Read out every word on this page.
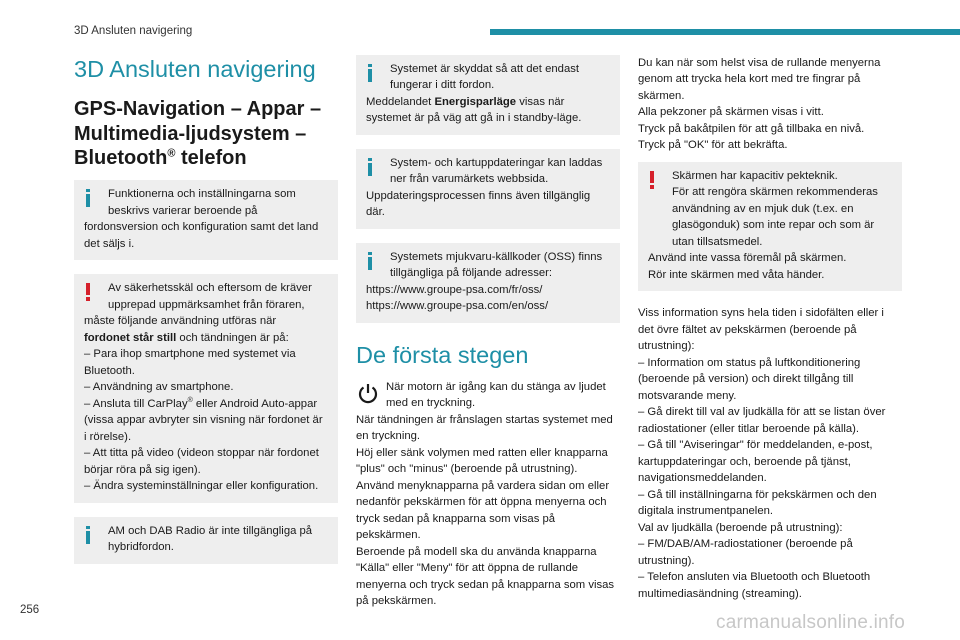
3D Ansluten navigering
3D Ansluten navigering
GPS-Navigation – Appar – Multimedia-ljudsystem – Bluetooth® telefon
Funktionerna och inställningarna som beskrivs varierar beroende på
fordonsversion och konfiguration samt det land det säljs i.
Av säkerhetsskäl och eftersom de kräver upprepad uppmärksamhet från föraren,
måste följande användning utföras när
fordonet står still och tändningen är på:
– Para ihop smartphone med systemet via Bluetooth.
– Användning av smartphone.
– Ansluta till CarPlay® eller Android Auto-appar (vissa appar avbryter sin visning när fordonet är i rörelse).
– Att titta på video (videon stoppar när fordonet börjar röra på sig igen).
– Ändra systeminställningar eller konfiguration.
AM och DAB Radio är inte tillgängliga på hybridfordon.
Systemet är skyddat så att det endast fungerar i ditt fordon.
Meddelandet Energisparläge visas när systemet är på väg att gå in i standby-läge.
System- och kartuppdateringar kan laddas ner från varumärkets webbsida.
Uppdateringsprocessen finns även tillgänglig där.
Systemets mjukvaru-källkoder (OSS) finns tillgängliga på följande adresser:
https://www.groupe-psa.com/fr/oss/
https://www.groupe-psa.com/en/oss/
De första stegen
När motorn är igång kan du stänga av ljudet med en tryckning.
När tändningen är frånslagen startas systemet med en tryckning.
Höj eller sänk volymen med ratten eller knapparna "plus" och "minus" (beroende på utrustning).
Använd menyknapparna på vardera sidan om eller nedanför pekskärmen för att öppna menyerna och tryck sedan på knapparna som visas på pekskärmen.
Beroende på modell ska du använda knapparna "Källa" eller "Meny" för att öppna de rullande menyerna och tryck sedan på knapparna som visas på pekskärmen.
Du kan när som helst visa de rullande menyerna genom att trycka hela kort med tre fingrar på skärmen.
Alla pekzoner på skärmen visas i vitt.
Tryck på bakåtpilen för att gå tillbaka en nivå.
Tryck på "OK" för att bekräfta.
Skärmen har kapacitiv pekteknik.
För att rengöra skärmen rekommenderas användning av en mjuk duk (t.ex. en glasögonduk) som inte repar och som är utan tillsatsmedel.
Använd inte vassa föremål på skärmen.
Rör inte skärmen med våta händer.
Viss information syns hela tiden i sidofälten eller i det övre fältet av pekskärmen (beroende på utrustning):
– Information om status på luftkonditionering (beroende på version) och direkt tillgång till motsvarande meny.
– Gå direkt till val av ljudkälla för att se listan över radiostationer (eller titlar beroende på källa).
– Gå till "Aviseringar" för meddelanden, e-post, kartuppdateringar och, beroende på tjänst, navigationsmeddelanden.
– Gå till inställningarna för pekskärmen och den digitala instrumentpanelen.
Val av ljudkälla (beroende på utrustning):
– FM/DAB/AM-radiostationer (beroende på utrustning).
– Telefon ansluten via Bluetooth och Bluetooth multimediasändning (streaming).
256
carmanualsonline.info
